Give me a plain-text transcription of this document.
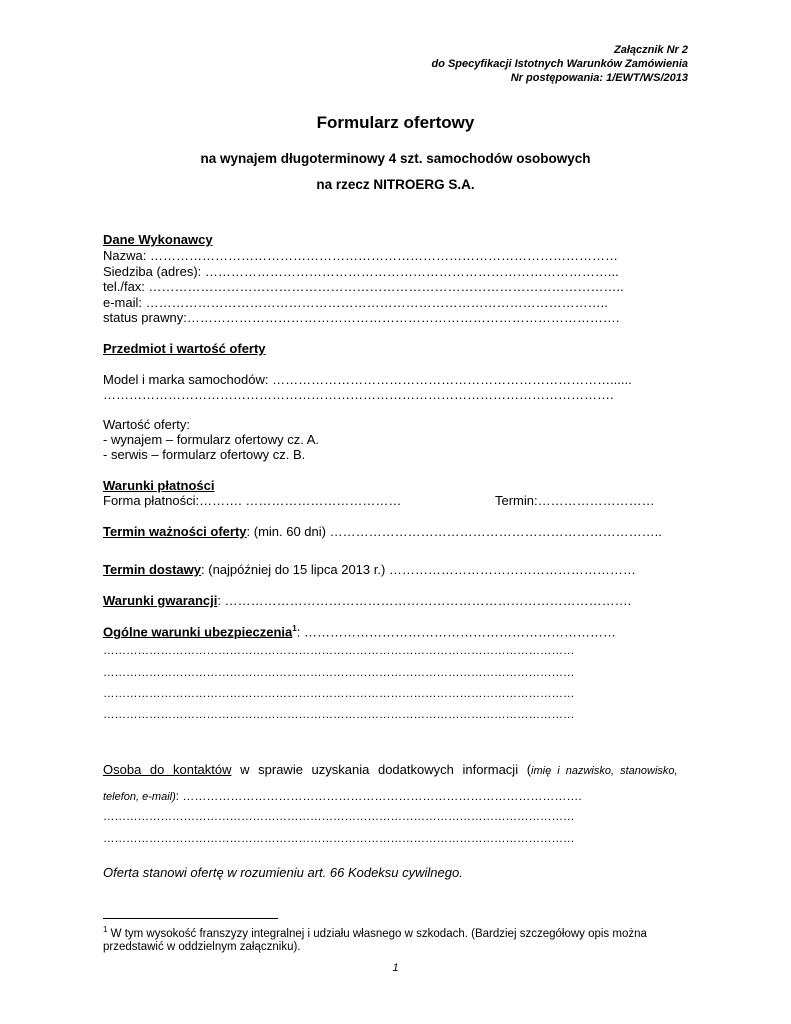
Załącznik Nr 2
do Specyfikacji Istotnych Warunków Zamówienia
Nr postępowania: 1/EWT/WS/2013
Formularz ofertowy
na wynajem długoterminowy 4 szt. samochodów osobowych
na rzecz NITROERG S.A.
Dane Wykonawcy
Nazwa: ………………………………………………………………………………………………
Siedziba (adres): …………………………………………………………………………………...
tel./fax: ………………………………………………………………………………………………..
e-mail: ……………………………………………………………………………………………..
status prawny:……………………………………………………………………………………….
Przedmiot i wartość oferty
Model i marka samochodów: ……………………………………………………………………......
……………………………………………………………………………………………………….
Wartość oferty:
- wynajem – formularz ofertowy cz. A.
- serwis – formularz ofertowy cz. B.
Warunki płatności
Forma płatności:………. ………………………………	Termin:………………………
Termin ważności oferty: (min. 60 dni) …………………………………………………………………..
Termin dostawy: (najpóźniej do 15 lipca 2013 r.) …………………………………………………
Warunki gwarancji: ………………………………………………………………………………….
Ogólne warunki ubezpieczenia$^1$: ………………………………………………………………
……………………………………………………………………………………………………………
……………………………………………………………………………………………………………
……………………………………………………………………………………………………………
……………………………………………………………………………………………………………
Osoba do kontaktów w sprawie uzyskania dodatkowych informacji (imię i nazwisko, stanowisko,
telefon, e-mail): ……………………………………………………………………………………….
……………………………………………………………………………………………………………
……………………………………………………………………………………………………………
Oferta stanowi ofertę w rozumieniu art. 66 Kodeksu cywilnego.
$^1$ W tym wysokość franszyzy integralnej i udziału własnego w szkodach. (Bardziej szczegółowy opis można
przedstawić w oddzielnym załączniku).
1
